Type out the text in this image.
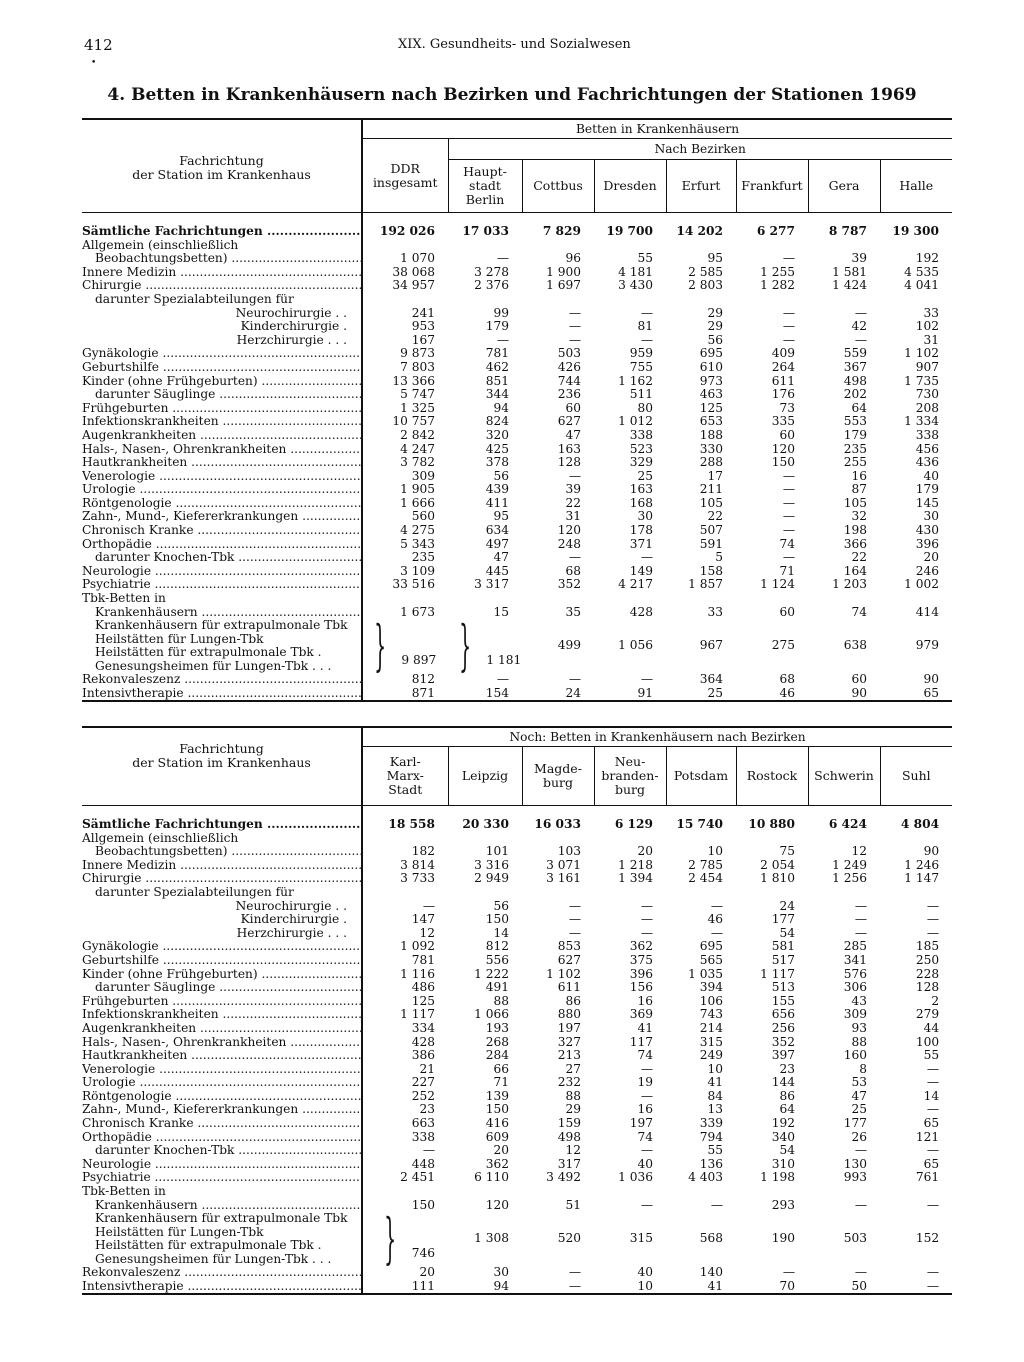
412	XIX. Gesundheits- und Sozialwesen
•
4. Betten in Krankenhäusern nach Bezirken und Fachrichtungen der Stationen 1969
Fachrichtung
der Station im Krankenhaus	Betten in Krankenhäusern							
	DDR
insgesamt	Nach Bezirken						
		Haupt-
stadt
Berlin	Cottbus	Dresden	Erfurt	Frankfurt	Gera	Halle
Sämtliche Fachrichtungen .....	192 026	17 033	7 829	19 700	14 202	6 277	8 787	19 300
Allgemein (einschließlich								
Beobachtungsbetten) .....	1 070	—	96	55	95	—	39	192
Innere Medizin .....	38 068	3 278	1 900	4 181	2 585	1 255	1 581	4 535
Chirurgie .....	34 957	2 376	1 697	3 430	2 803	1 282	1 424	4 041
darunter Spezialabteilungen für								
Neurochirurgie . .	241	99	—	—	29	—	—	33
Kinderchirurgie .	953	179	—	81	29	—	42	102
Herzchirurgie . . .	167	—	—	—	56	—	—	31
Gynäkologie .....	9 873	781	503	959	695	409	559	1 102
Geburtshilfe .....	7 803	462	426	755	610	264	367	907
Kinder (ohne Frühgeburten) .....	13 366	851	744	1 162	973	611	498	1 735
darunter Säuglinge .....	5 747	344	236	511	463	176	202	730
Frühgeburten .....	1 325	94	60	80	125	73	64	208
Infektionskrankheiten .....	10 757	824	627	1 012	653	335	553	1 334
Augenkrankheiten .....	2 842	320	47	338	188	60	179	338
Hals-, Nasen-, Ohrenkrankheiten .....	4 247	425	163	523	330	120	235	456
Hautkrankheiten .....	3 782	378	128	329	288	150	255	436
Venerologie .....	309	56	—	25	17	—	16	40
Urologie .....	1 905	439	39	163	211	—	87	179
Röntgenologie .....	1 666	411	22	168	105	—	105	145
Zahn-, Mund-, Kiefererkrankungen .....	560	95	31	30	22	—	32	30
Chronisch Kranke .....	4 275	634	120	178	507	—	198	430
Orthopädie .....	5 343	497	248	371	591	74	366	396
darunter Knochen-Tbk .....	235	47	—	—	5	—	22	20
Neurologie .....	3 109	445	68	149	158	71	164	246
Psychiatrie .....	33 516	3 317	352	4 217	1 857	1 124	1 203	1 002
Tbk-Betten in								
Krankenhäusern .....	1 673	15	35	428	33	60	74	414

Krankenhäusern für extrapulmonale Tbk
Heilstätten für Lungen-Tbk
Heilstätten für extrapulmonale Tbk .
Genesungsheimen für Lungen-Tbk . . .	} 9 897	} 1 181	499	1 056	967	275	638	979
Rekonvaleszenz .....	812	—	—	—	364	68	60	90
Intensivtherapie .....	871	154	24	91	25	46	90	65
Fachrichtung
der Station im Krankenhaus	Noch: Betten in Krankenhäusern nach Bezirken							
	Karl-
Marx-
Stadt	Leipzig	Magde-
burg	Neu-
branden-
burg	Potsdam	Rostock	Schwerin	Suhl
Sämtliche Fachrichtungen .....	18 558	20 330	16 033	6 129	15 740	10 880	6 424	4 804
Allgemein (einschließlich								
Beobachtungsbetten) .....	182	101	103	20	10	75	12	90
Innere Medizin .....	3 814	3 316	3 071	1 218	2 785	2 054	1 249	1 246
Chirurgie .....	3 733	2 949	3 161	1 394	2 454	1 810	1 256	1 147
darunter Spezialabteilungen für								
Neurochirurgie . .	—	56	—	—	—	24	—	—
Kinderchirurgie .	147	150	—	—	46	177	—	—
Herzchirurgie . . .	12	14	—	—	—	54	—	—
Gynäkologie .....	1 092	812	853	362	695	581	285	185
Geburtshilfe .....	781	556	627	375	565	517	341	250
Kinder (ohne Frühgeburten) .....	1 116	1 222	1 102	396	1 035	1 117	576	228
darunter Säuglinge .....	486	491	611	156	394	513	306	128
Frühgeburten .....	125	88	86	16	106	155	43	2
Infektionskrankheiten .....	1 117	1 066	880	369	743	656	309	279
Augenkrankheiten .....	334	193	197	41	214	256	93	44
Hals-, Nasen-, Ohrenkrankheiten .....	428	268	327	117	315	352	88	100
Hautkrankheiten .....	386	284	213	74	249	397	160	55
Venerologie .....	21	66	27	—	10	23	8	—
Urologie .....	227	71	232	19	41	144	53	—
Röntgenologie .....	252	139	88	—	84	86	47	14
Zahn-, Mund-, Kiefererkrankungen .....	23	150	29	16	13	64	25	—
Chronisch Kranke .....	663	416	159	197	339	192	177	65
Orthopädie .....	338	609	498	74	794	340	26	121
darunter Knochen-Tbk .....	—	20	12	—	55	54	—	—
Neurologie .....	448	362	317	40	136	310	130	65
Psychiatrie .....	2 451	6 110	3 492	1 036	4 403	1 198	993	761
Tbk-Betten in								
Krankenhäusern .....	150	120	51	—	—	293	—	—

Krankenhäusern für extrapulmonale Tbk
Heilstätten für Lungen-Tbk
Heilstätten für extrapulmonale Tbk .
Genesungsheimen für Lungen-Tbk . . .	} 746	1 308	520	315	568	190	503	152
Rekonvaleszenz .....	20	30	—	40	140	—	—	—
Intensivtherapie .....	111	94	—	10	41	70	50	—
